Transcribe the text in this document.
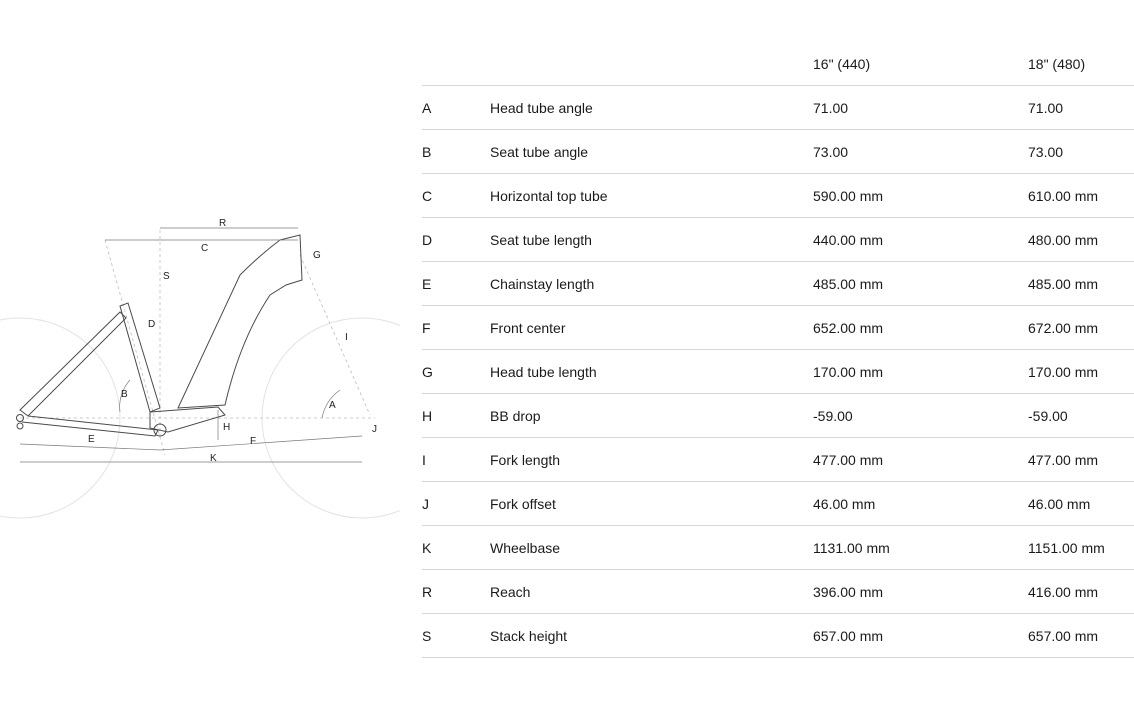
R
C
S
G
D
I
B
A
H	J
E	F
K
		16" (440)	18" (480)
A	Head tube angle	71.00	71.00
B	Seat tube angle	73.00	73.00
C	Horizontal top tube	590.00 mm	610.00 mm
D	Seat tube length	440.00 mm	480.00 mm
E	Chainstay length	485.00 mm	485.00 mm
F	Front center	652.00 mm	672.00 mm
G	Head tube length	170.00 mm	170.00 mm
H	BB drop	-59.00	-59.00
I	Fork length	477.00 mm	477.00 mm
J	Fork offset	46.00 mm	46.00 mm
K	Wheelbase	1131.00 mm	1151.00 mm
R	Reach	396.00 mm	416.00 mm
S	Stack height	657.00 mm	657.00 mm
